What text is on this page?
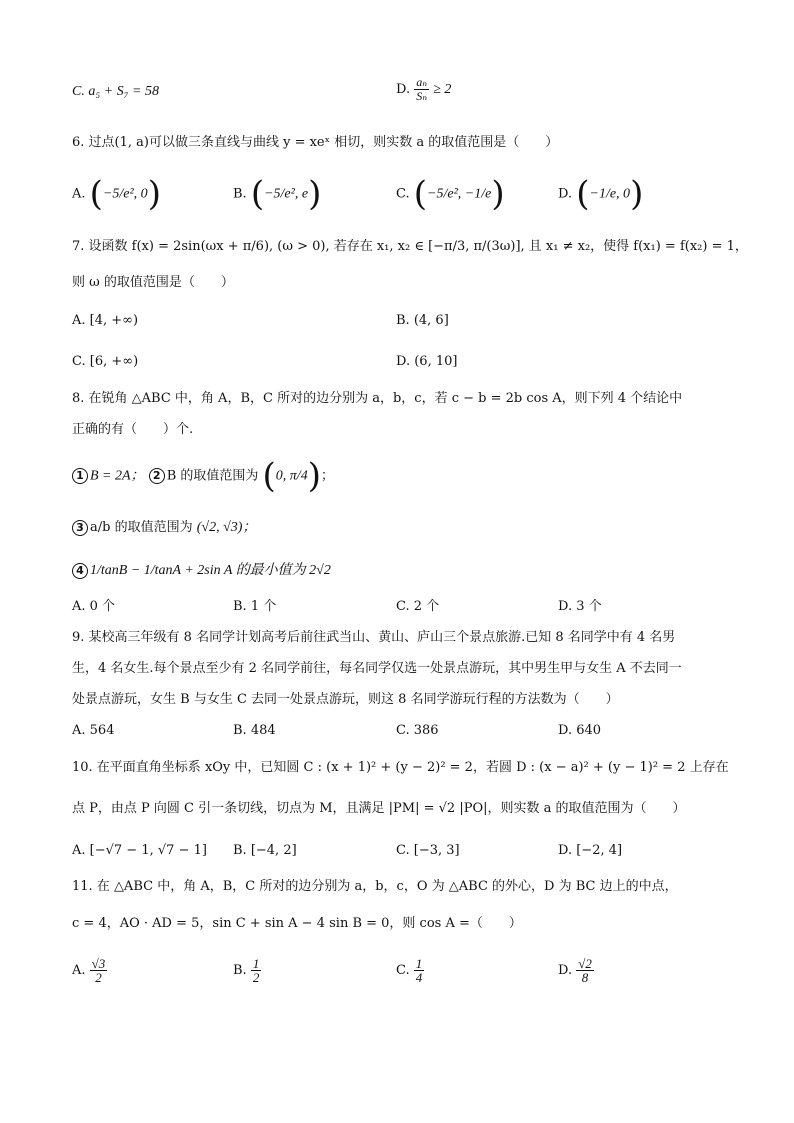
C. a₅ + S₇ = 58	D. $\frac{\text{aₙ}}{\text{Sₙ}} \ge 2$
6. 过点(1, a)可以做三条直线与曲线 y = xeˣ 相切，则实数 a 的取值范围是（　　）
A. (−5/e², 0)	B. (−5/e², e)	C. (−5/e², −1/e)	D. (−1/e, 0)
7. 设函数 f(x) = 2sin(ωx + π/6), (ω > 0), 若存在 x₁, x₂ ∈ [−π/3, π/(3ω)], 且 x₁ ≠ x₂，使得 f(x₁) = f(x₂) = 1，
则 ω 的取值范围是（　　）
A. [4, +∞)	B. (4, 6]
C. [6, +∞)	D. (6, 10]
8. 在锐角 △ABC 中，角 A，B，C 所对的边分别为 a，b，c，若 c − b = 2b cos A，则下列 4 个结论中
正确的有（　　）个.
1 B = 2A； 2 B 的取值范围为 (0, π/4)；
3 a/b 的取值范围为 (√2, √3)；
4 1/tanB − 1/tanA + 2sin A 的最小值为 2√2
A. 0 个	B. 1 个	C. 2 个	D. 3 个
9. 某校高三年级有 8 名同学计划高考后前往武当山、黄山、庐山三个景点旅游.已知 8 名同学中有 4 名男
生，4 名女生.每个景点至少有 2 名同学前往，每名同学仅选一处景点游玩，其中男生甲与女生 A 不去同一
处景点游玩，女生 B 与女生 C 去同一处景点游玩，则这 8 名同学游玩行程的方法数为（　　）
A. 564	B. 484	C. 386	D. 640
10. 在平面直角坐标系 xOy 中，已知圆 C : (x + 1)² + (y − 2)² = 2，若圆 D : (x − a)² + (y − 1)² = 2 上存在
点 P，由点 P 向圆 C 引一条切线，切点为 M，且满足 |PM| = √2 |PO|，则实数 a 的取值范围为（　　）
A. [−√7 − 1, √7 − 1] B. [−4, 2]	C. [−3, 3]	D. [−2, 4]
11. 在 △ABC 中，角 A，B，C 所对的边分别为 a，b，c，O 为 △ABC 的外心，D 为 BC 边上的中点，
c = 4，AO · AD = 5，sin C + sin A − 4 sin B = 0，则 cos A =（　　）
A. $\frac{√3}{2}$	B. $\frac{1}{2}$	C. $\frac{1}{4}$	D. $\frac{√2}{8}$
